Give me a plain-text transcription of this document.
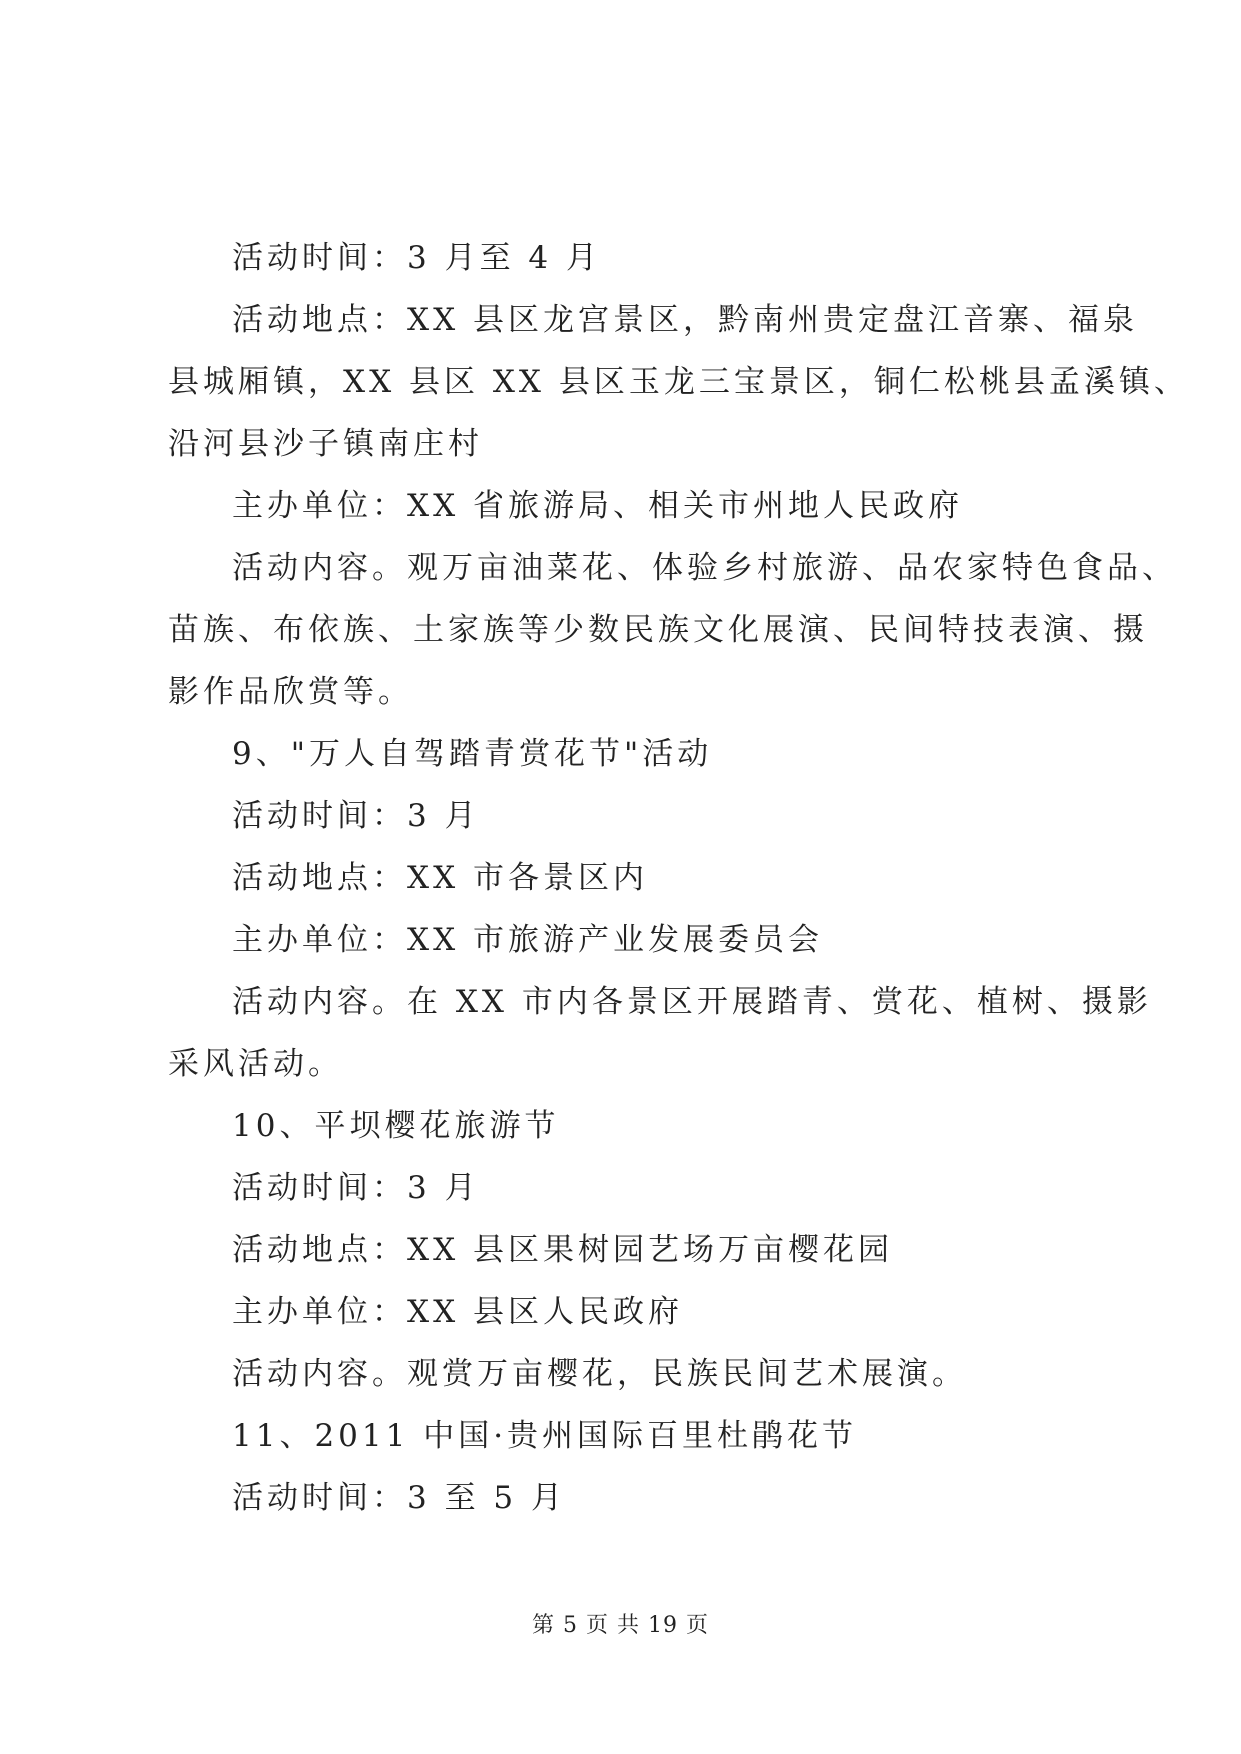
活动时间：3 月至 4 月
活动地点：XX 县区龙宫景区，黔南州贵定盘江音寨、福泉
县城厢镇，XX 县区 XX 县区玉龙三宝景区，铜仁松桃县孟溪镇、
沿河县沙子镇南庄村
主办单位：XX 省旅游局、相关市州地人民政府
活动内容。观万亩油菜花、体验乡村旅游、品农家特色食品、
苗族、布依族、土家族等少数民族文化展演、民间特技表演、摄
影作品欣赏等。
9、"万人自驾踏青赏花节"活动
活动时间：3 月
活动地点：XX 市各景区内
主办单位：XX 市旅游产业发展委员会
活动内容。在 XX 市内各景区开展踏青、赏花、植树、摄影
采风活动。
10、平坝樱花旅游节
活动时间：3 月
活动地点：XX 县区果树园艺场万亩樱花园
主办单位：XX 县区人民政府
活动内容。观赏万亩樱花，民族民间艺术展演。
11、2011 中国·贵州国际百里杜鹃花节
活动时间：3 至 5 月
第 5 页 共 19 页
